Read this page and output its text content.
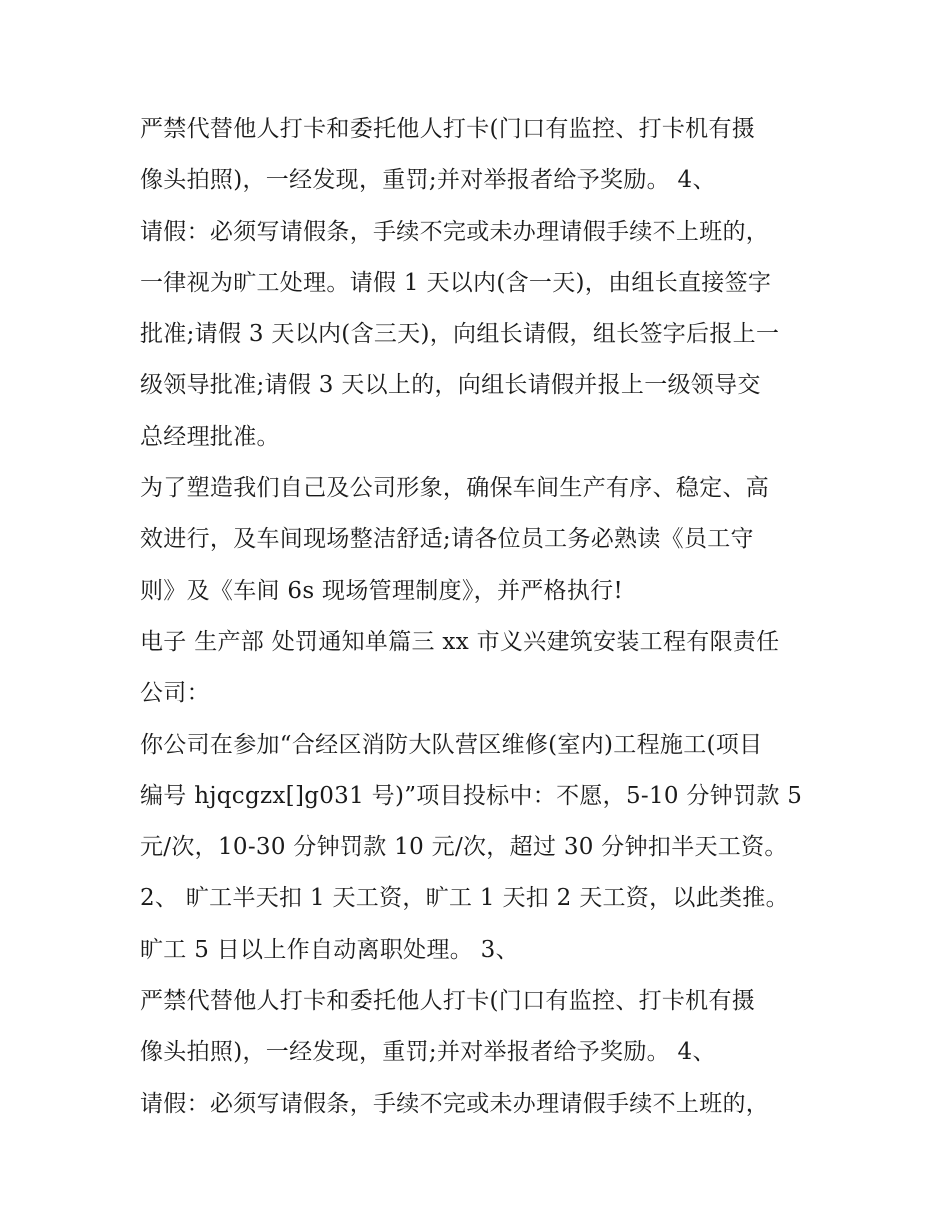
严禁代替他人打卡和委托他人打卡(门口有监控、打卡机有摄
像头拍照)，一经发现，重罚;并对举报者给予奖励。 4、
请假：必须写请假条，手续不完或未办理请假手续不上班的，
一律视为旷工处理。请假 1 天以内(含一天)，由组长直接签字
批准;请假 3 天以内(含三天)，向组长请假，组长签字后报上一
级领导批准;请假 3 天以上的，向组长请假并报上一级领导交
总经理批准。
为了塑造我们自己及公司形象，确保车间生产有序、稳定、高
效进行，及车间现场整洁舒适;请各位员工务必熟读《员工守
则》及《车间 6s 现场管理制度》，并严格执行!
电子 生产部 处罚通知单篇三 xx 市义兴建筑安装工程有限责任
公司：
你公司在参加“合经区消防大队营区维修(室内)工程施工(项目
编号 hjqcgzx[]g031 号)”项目投标中：不愿，5-10 分钟罚款 5
元/次，10-30 分钟罚款 10 元/次，超过 30 分钟扣半天工资。
2、 旷工半天扣 1 天工资，旷工 1 天扣 2 天工资，以此类推。
旷工 5 日以上作自动离职处理。 3、
严禁代替他人打卡和委托他人打卡(门口有监控、打卡机有摄
像头拍照)，一经发现，重罚;并对举报者给予奖励。 4、
请假：必须写请假条，手续不完或未办理请假手续不上班的，
